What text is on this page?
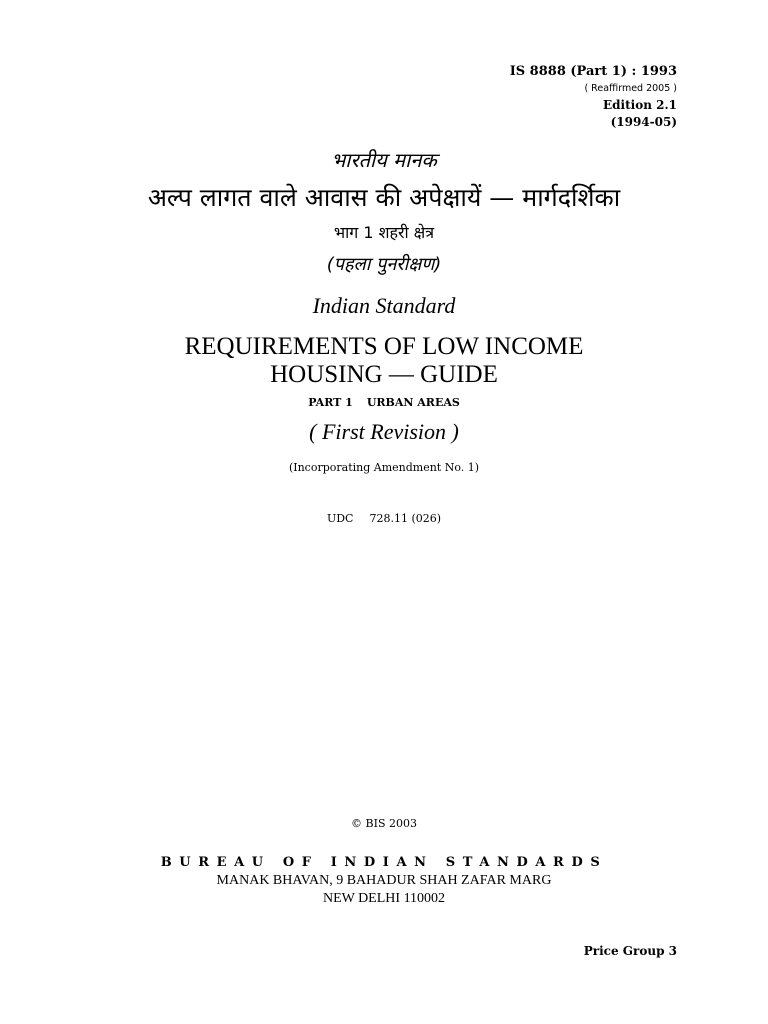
IS 8888 (Part 1) : 1993
( Reaffirmed 2005 )
Edition 2.1
(1994-05)
भारतीय मानक
अल्प लागत वाले आवास की अपेक्षायें — मार्गदर्शिका
भाग 1 शहरी क्षेत्र
(पहला पुनरीक्षण)
Indian Standard
REQUIREMENTS OF LOW INCOME
HOUSING — GUIDE
PART 1 URBAN AREAS
( First Revision )
(Incorporating Amendment No. 1)
UDC 728.11 (026)
© BIS 2003
BUREAU OF INDIAN STANDARDS
MANAK BHAVAN, 9 BAHADUR SHAH ZAFAR MARG
NEW DELHI 110002
Price Group 3
